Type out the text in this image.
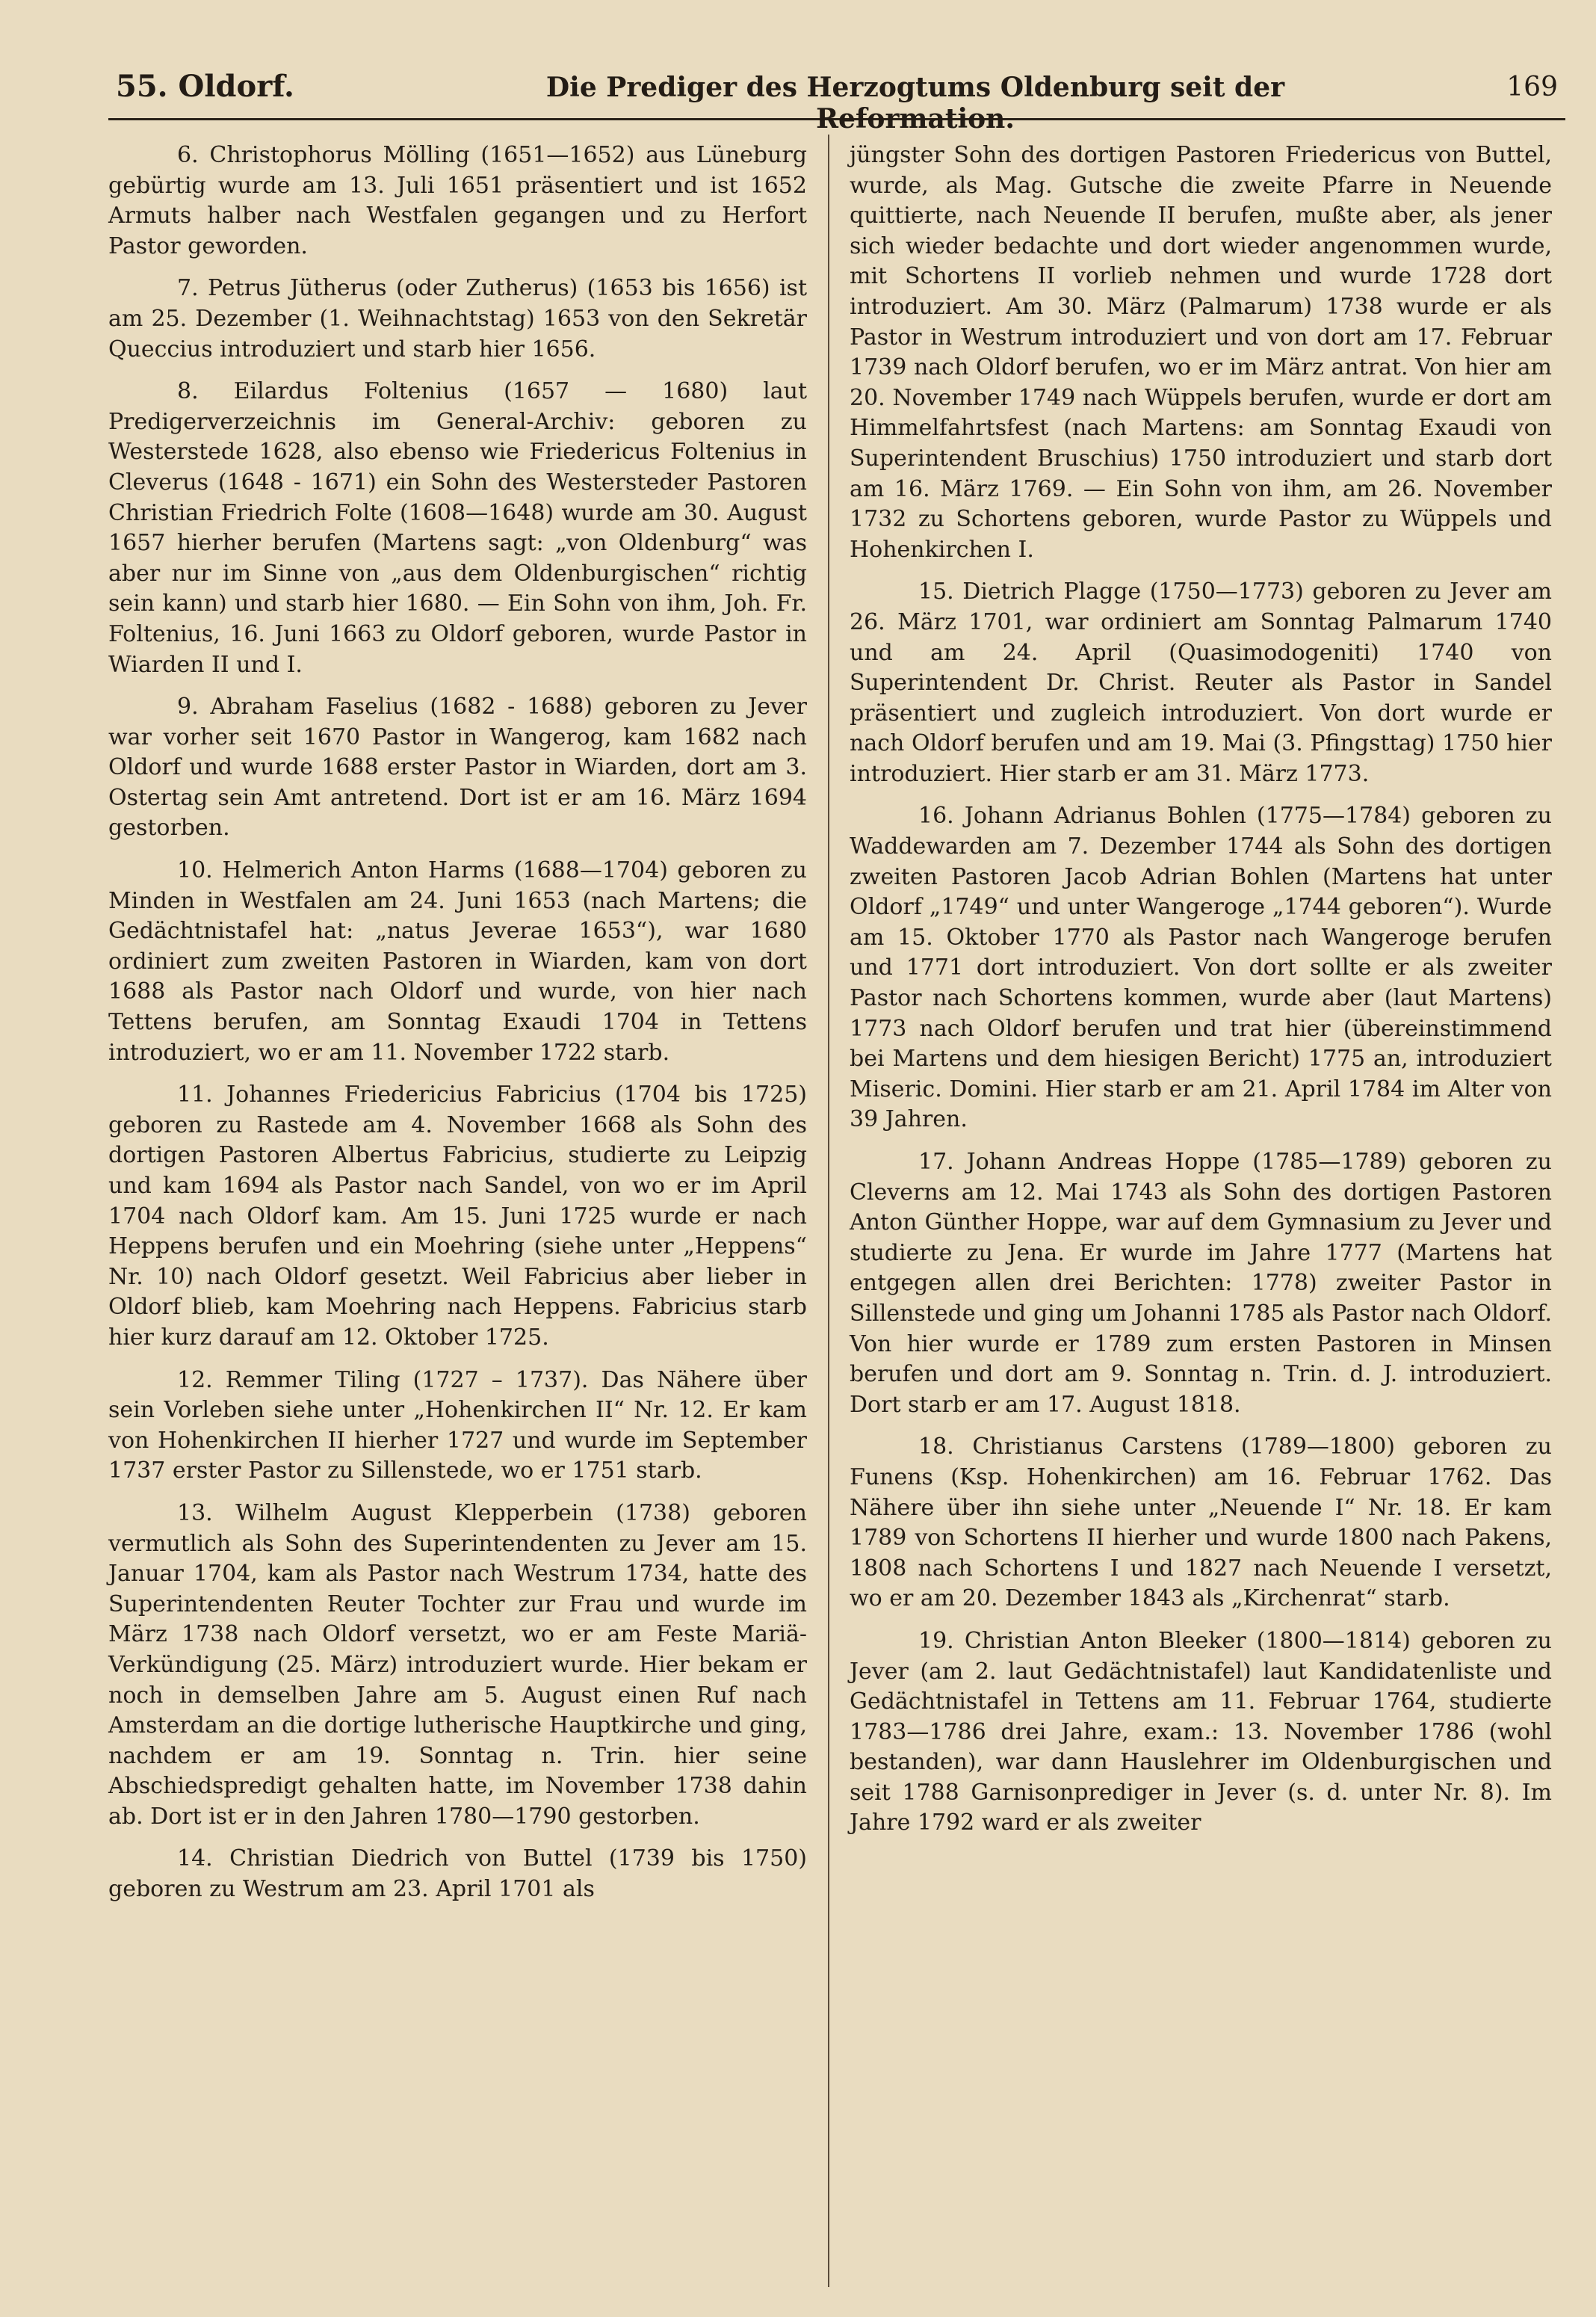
55. Oldorf.	Die Prediger des Herzogtums Oldenburg seit der Reformation.
169

6. Christophorus Mölling (1651—1652) aus Lüneburg gebürtig wurde am 13. Juli 1651 präsentiert und ist 1652 Armuts halber nach Westfalen gegangen und zu Herfort Pastor geworden.

7. Petrus Jütherus (oder Zutherus) (1653 bis 1656) ist am 25. Dezember (1. Weihnachtstag) 1653 von den Sekretär Queccius introduziert und starb hier 1656.

8. Eilardus Foltenius (1657 — 1680) laut Predigerverzeichnis im General-Archiv: geboren zu Westerstede 1628, also ebenso wie Friedericus Foltenius in Cleverus (1648 - 1671) ein Sohn des Westersteder Pastoren Christian Friedrich Folte (1608—1648) wurde am 30. August 1657 hierher berufen (Martens sagt: „von Oldenburg“ was aber nur im Sinne von „aus dem Oldenburgischen“ richtig sein kann) und starb hier 1680. — Ein Sohn von ihm, Joh. Fr. Foltenius, 16. Juni 1663 zu Oldorf geboren, wurde Pastor in Wiarden II und I.

9. Abraham Faselius (1682 - 1688) geboren zu Jever war vorher seit 1670 Pastor in Wangerog, kam 1682 nach Oldorf und wurde 1688 erster Pastor in Wiarden, dort am 3. Ostertag sein Amt antretend. Dort ist er am 16. März 1694 gestorben.

10. Helmerich Anton Harms (1688—1704) geboren zu Minden in Westfalen am 24. Juni 1653 (nach Martens; die Gedächtnistafel hat: „natus Jeverae 1653“), war 1680 ordiniert zum zweiten Pastoren in Wiarden, kam von dort 1688 als Pastor nach Oldorf und wurde, von hier nach Tettens berufen, am Sonntag Exaudi 1704 in Tettens introduziert, wo er am 11. November 1722 starb.

11. Johannes Friedericius Fabricius (1704 bis 1725) geboren zu Rastede am 4. November 1668 als Sohn des dortigen Pastoren Albertus Fabricius, studierte zu Leipzig und kam 1694 als Pastor nach Sandel, von wo er im April 1704 nach Oldorf kam. Am 15. Juni 1725 wurde er nach Heppens berufen und ein Moehring (siehe unter „Heppens“ Nr. 10) nach Oldorf gesetzt. Weil Fabricius aber lieber in Oldorf blieb, kam Moehring nach Heppens. Fabricius starb hier kurz darauf am 12. Oktober 1725.

12. Remmer Tiling (1727 – 1737). Das Nähere über sein Vorleben siehe unter „Hohenkirchen II“ Nr. 12. Er kam von Hohenkirchen II hierher 1727 und wurde im September 1737 erster Pastor zu Sillenstede, wo er 1751 starb.

13. Wilhelm August Klepperbein (1738) geboren vermutlich als Sohn des Superintendenten zu Jever am 15. Januar 1704, kam als Pastor nach Westrum 1734, hatte des Superintendenten Reuter Tochter zur Frau und wurde im März 1738 nach Oldorf versetzt, wo er am Feste Mariä-Verkündigung (25. März) introduziert wurde. Hier bekam er noch in demselben Jahre am 5. August einen Ruf nach Amsterdam an die dortige lutherische Hauptkirche und ging, nachdem er am 19. Sonntag n. Trin. hier seine Abschiedspredigt gehalten hatte, im November 1738 dahin ab. Dort ist er in den Jahren 1780—1790 gestorben.

14. Christian Diedrich von Buttel (1739 bis 1750) geboren zu Westrum am 23. April 1701 als

jüngster Sohn des dortigen Pastoren Friedericus von Buttel, wurde, als Mag. Gutsche die zweite Pfarre in Neuende quittierte, nach Neuende II berufen, mußte aber, als jener sich wieder bedachte und dort wieder angenommen wurde, mit Schortens II vorlieb nehmen und wurde 1728 dort introduziert. Am 30. März (Palmarum) 1738 wurde er als Pastor in Westrum introduziert und von dort am 17. Februar 1739 nach Oldorf berufen, wo er im März antrat. Von hier am 20. November 1749 nach Wüppels berufen, wurde er dort am Himmelfahrtsfest (nach Martens: am Sonntag Exaudi von Superintendent Bruschius) 1750 introduziert und starb dort am 16. März 1769. — Ein Sohn von ihm, am 26. November 1732 zu Schortens geboren, wurde Pastor zu Wüppels und Hohenkirchen I.

15. Dietrich Plagge (1750—1773) geboren zu Jever am 26. März 1701, war ordiniert am Sonntag Palmarum 1740 und am 24. April (Quasimodogeniti) 1740 von Superintendent Dr. Christ. Reuter als Pastor in Sandel präsentiert und zugleich introduziert. Von dort wurde er nach Oldorf berufen und am 19. Mai (3. Pfingsttag) 1750 hier introduziert. Hier starb er am 31. März 1773.

16. Johann Adrianus Bohlen (1775—1784) geboren zu Waddewarden am 7. Dezember 1744 als Sohn des dortigen zweiten Pastoren Jacob Adrian Bohlen (Martens hat unter Oldorf „1749“ und unter Wangeroge „1744 geboren“). Wurde am 15. Oktober 1770 als Pastor nach Wangeroge berufen und 1771 dort introduziert. Von dort sollte er als zweiter Pastor nach Schortens kommen, wurde aber (laut Martens) 1773 nach Oldorf berufen und trat hier (übereinstimmend bei Martens und dem hiesigen Bericht) 1775 an, introduziert Miseric. Domini. Hier starb er am 21. April 1784 im Alter von 39 Jahren.

17. Johann Andreas Hoppe (1785—1789) geboren zu Cleverns am 12. Mai 1743 als Sohn des dortigen Pastoren Anton Günther Hoppe, war auf dem Gymnasium zu Jever und studierte zu Jena. Er wurde im Jahre 1777 (Martens hat entgegen allen drei Berichten: 1778) zweiter Pastor in Sillenstede und ging um Johanni 1785 als Pastor nach Oldorf. Von hier wurde er 1789 zum ersten Pastoren in Minsen berufen und dort am 9. Sonntag n. Trin. d. J. introduziert. Dort starb er am 17. August 1818.

18. Christianus Carstens (1789—1800) geboren zu Funens (Ksp. Hohenkirchen) am 16. Februar 1762. Das Nähere über ihn siehe unter „Neuende I“ Nr. 18. Er kam 1789 von Schortens II hierher und wurde 1800 nach Pakens, 1808 nach Schortens I und 1827 nach Neuende I versetzt, wo er am 20. Dezember 1843 als „Kirchenrat“ starb.

19. Christian Anton Bleeker (1800—1814) geboren zu Jever (am 2. laut Gedächtnistafel) laut Kandidatenliste und Gedächtnistafel in Tettens am 11. Februar 1764, studierte 1783—1786 drei Jahre, exam.: 13. November 1786 (wohl bestanden), war dann Hauslehrer im Oldenburgischen und seit 1788 Garnisonprediger in Jever (s. d. unter Nr. 8). Im Jahre 1792 ward er als zweiter
